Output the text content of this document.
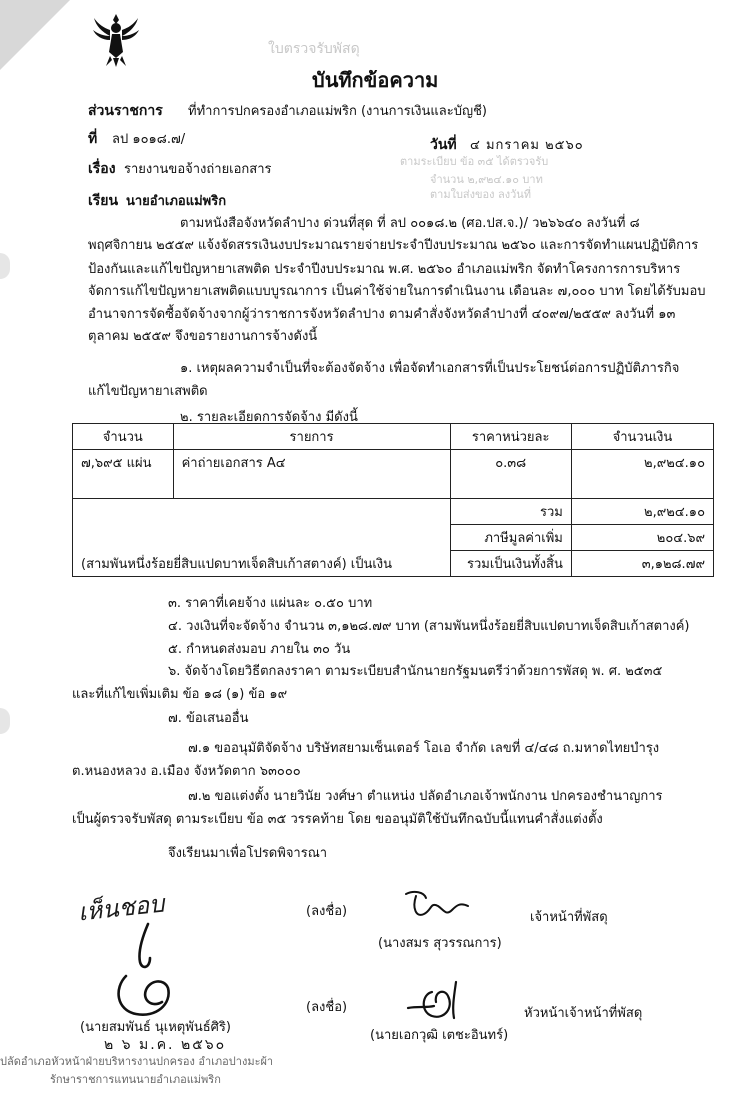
ใบตรวจรับพัสดุ
ตามระเบียบ ข้อ ๓๕ ได้ตรวจรับ
จำนวน ๒,๙๒๔.๑๐ บาท
ตามใบส่งของ ลงวันที่
บันทึกข้อความ
ส่วนราชการ ที่ทำการปกครองอำเภอแม่พริก (งานการเงินและบัญชี)
ที่ ลป ๑๐๑๘.๗/	วันที่ ๔ มกราคม ๒๕๖๐
เรื่อง รายงานขอจ้างถ่ายเอกสาร
เรียน นายอำเภอแม่พริก
ตามหนังสือจังหวัดลำปาง ด่วนที่สุด ที่ ลป ๐๐๑๘.๒ (ศอ.ปส.จ.)/ ว๒๖๖๔๐ ลงวันที่ ๘
พฤศจิกายน ๒๕๕๙ แจ้งจัดสรรเงินงบประมาณรายจ่ายประจำปีงบประมาณ ๒๕๖๐ และการจัดทำแผนปฏิบัติการ
ป้องกันและแก้ไขปัญหายาเสพติด ประจำปีงบประมาณ พ.ศ. ๒๕๖๐ อำเภอแม่พริก จัดทำโครงการการบริหาร
จัดการแก้ไขปัญหายาเสพติดแบบบูรณาการ เป็นค่าใช้จ่ายในการดำเนินงาน เดือนละ ๗,๐๐๐ บาท โดยได้รับมอบ
อำนาจการจัดซื้อจัดจ้างจากผู้ว่าราชการจังหวัดลำปาง ตามคำสั่งจังหวัดลำปางที่ ๔๐๙๗/๒๕๕๙ ลงวันที่ ๑๓
ตุลาคม ๒๕๕๙ จึงขอรายงานการจ้างดังนี้
๑. เหตุผลความจำเป็นที่จะต้องจัดจ้าง เพื่อจัดทำเอกสารที่เป็นประโยชน์ต่อการปฏิบัติภารกิจ
แก้ไขปัญหายาเสพติด
๒. รายละเอียดการจัดจ้าง มีดังนี้
จำนวน	รายการ	ราคาหน่วยละ	จำนวนเงิน
๗,๖๙๕ แผ่น	ค่าถ่ายเอกสาร A๔	๐.๓๘	๒,๙๒๔.๑๐
(สามพันหนึ่งร้อยยี่สิบแปดบาทเจ็ดสิบเก้าสตางค์) เป็นเงิน		รวม	๒,๙๒๔.๑๐
		ภาษีมูลค่าเพิ่ม	๒๐๔.๖๙
		รวมเป็นเงินทั้งสิ้น	๓,๑๒๘.๗๙
๓. ราคาที่เคยจ้าง แผ่นละ ๐.๕๐ บาท
๔. วงเงินที่จะจัดจ้าง จำนวน ๓,๑๒๘.๗๙ บาท (สามพันหนึ่งร้อยยี่สิบแปดบาทเจ็ดสิบเก้าสตางค์)
๕. กำหนดส่งมอบ ภายใน ๓๐ วัน
๖. จัดจ้างโดยวิธีตกลงราคา ตามระเบียบสำนักนายกรัฐมนตรีว่าด้วยการพัสดุ พ. ศ. ๒๕๓๕
และที่แก้ไขเพิ่มเติม ข้อ ๑๘ (๑) ข้อ ๑๙
๗. ข้อเสนออื่น
๗.๑ ขออนุมัติจัดจ้าง บริษัทสยามเซ็นเตอร์ โอเอ จำกัด เลขที่ ๔/๔๘ ถ.มหาดไทยบำรุง
ต.หนองหลวง อ.เมือง จังหวัดตาก ๖๓๐๐๐
๗.๒ ขอแต่งตั้ง นายวินัย วงศ์ษา ตำแหน่ง ปลัดอำเภอเจ้าพนักงาน ปกครองชำนาญการ
เป็นผู้ตรวจรับพัสดุ ตามระเบียบ ข้อ ๓๕ วรรคท้าย โดย ขออนุมัติใช้บันทึกฉบับนี้แทนคำสั่งแต่งตั้ง
จึงเรียนมาเพื่อโปรดพิจารณา
เห็นชอบ
(นายสมพันธ์ นุเหตุพันธ์ศิริ)
๒ ๖ ม.ค. ๒๕๖๐
ปลัดอำเภอหัวหน้าฝ่ายบริหารงานปกครอง อำเภอปางมะผ้า
รักษาราชการแทนนายอำเภอแม่พริก
(ลงชื่อ)	เจ้าหน้าที่พัสดุ
(นางสมร สุวรรณการ)
(ลงชื่อ)	หัวหน้าเจ้าหน้าที่พัสดุ
(นายเอกวุฒิ เตชะอินทร์)
